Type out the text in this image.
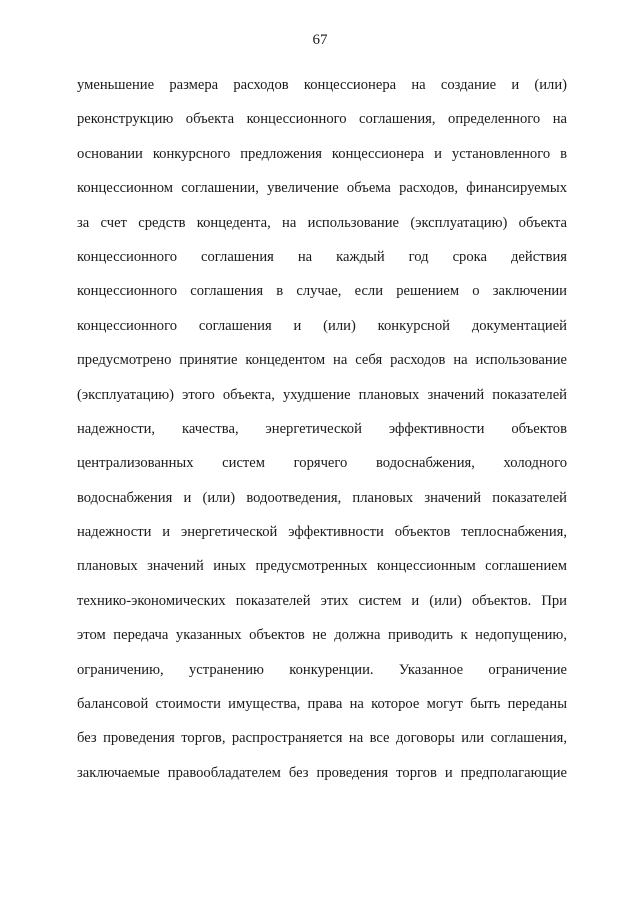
67
уменьшение размера расходов концессионера на создание и (или)
реконструкцию объекта концессионного соглашения, определенного на
основании конкурсного предложения концессионера и установленного в
концессионном соглашении, увеличение объема расходов, финансируемых
за счет средств концедента, на использование (эксплуатацию) объекта
концессионного соглашения на каждый год срока действия
концессионного соглашения в случае, если решением о заключении
концессионного соглашения и (или) конкурсной документацией
предусмотрено принятие концедентом на себя расходов на использование
(эксплуатацию) этого объекта, ухудшение плановых значений показателей
надежности, качества, энергетической эффективности объектов
централизованных систем горячего водоснабжения, холодного
водоснабжения и (или) водоотведения, плановых значений показателей
надежности и энергетической эффективности объектов теплоснабжения,
плановых значений иных предусмотренных концессионным соглашением
технико-экономических показателей этих систем и (или) объектов. При
этом передача указанных объектов не должна приводить к недопущению,
ограничению, устранению конкуренции. Указанное ограничение
балансовой стоимости имущества, права на которое могут быть переданы
без проведения торгов, распространяется на все договоры или соглашения,
заключаемые правообладателем без проведения торгов и предполагающие
